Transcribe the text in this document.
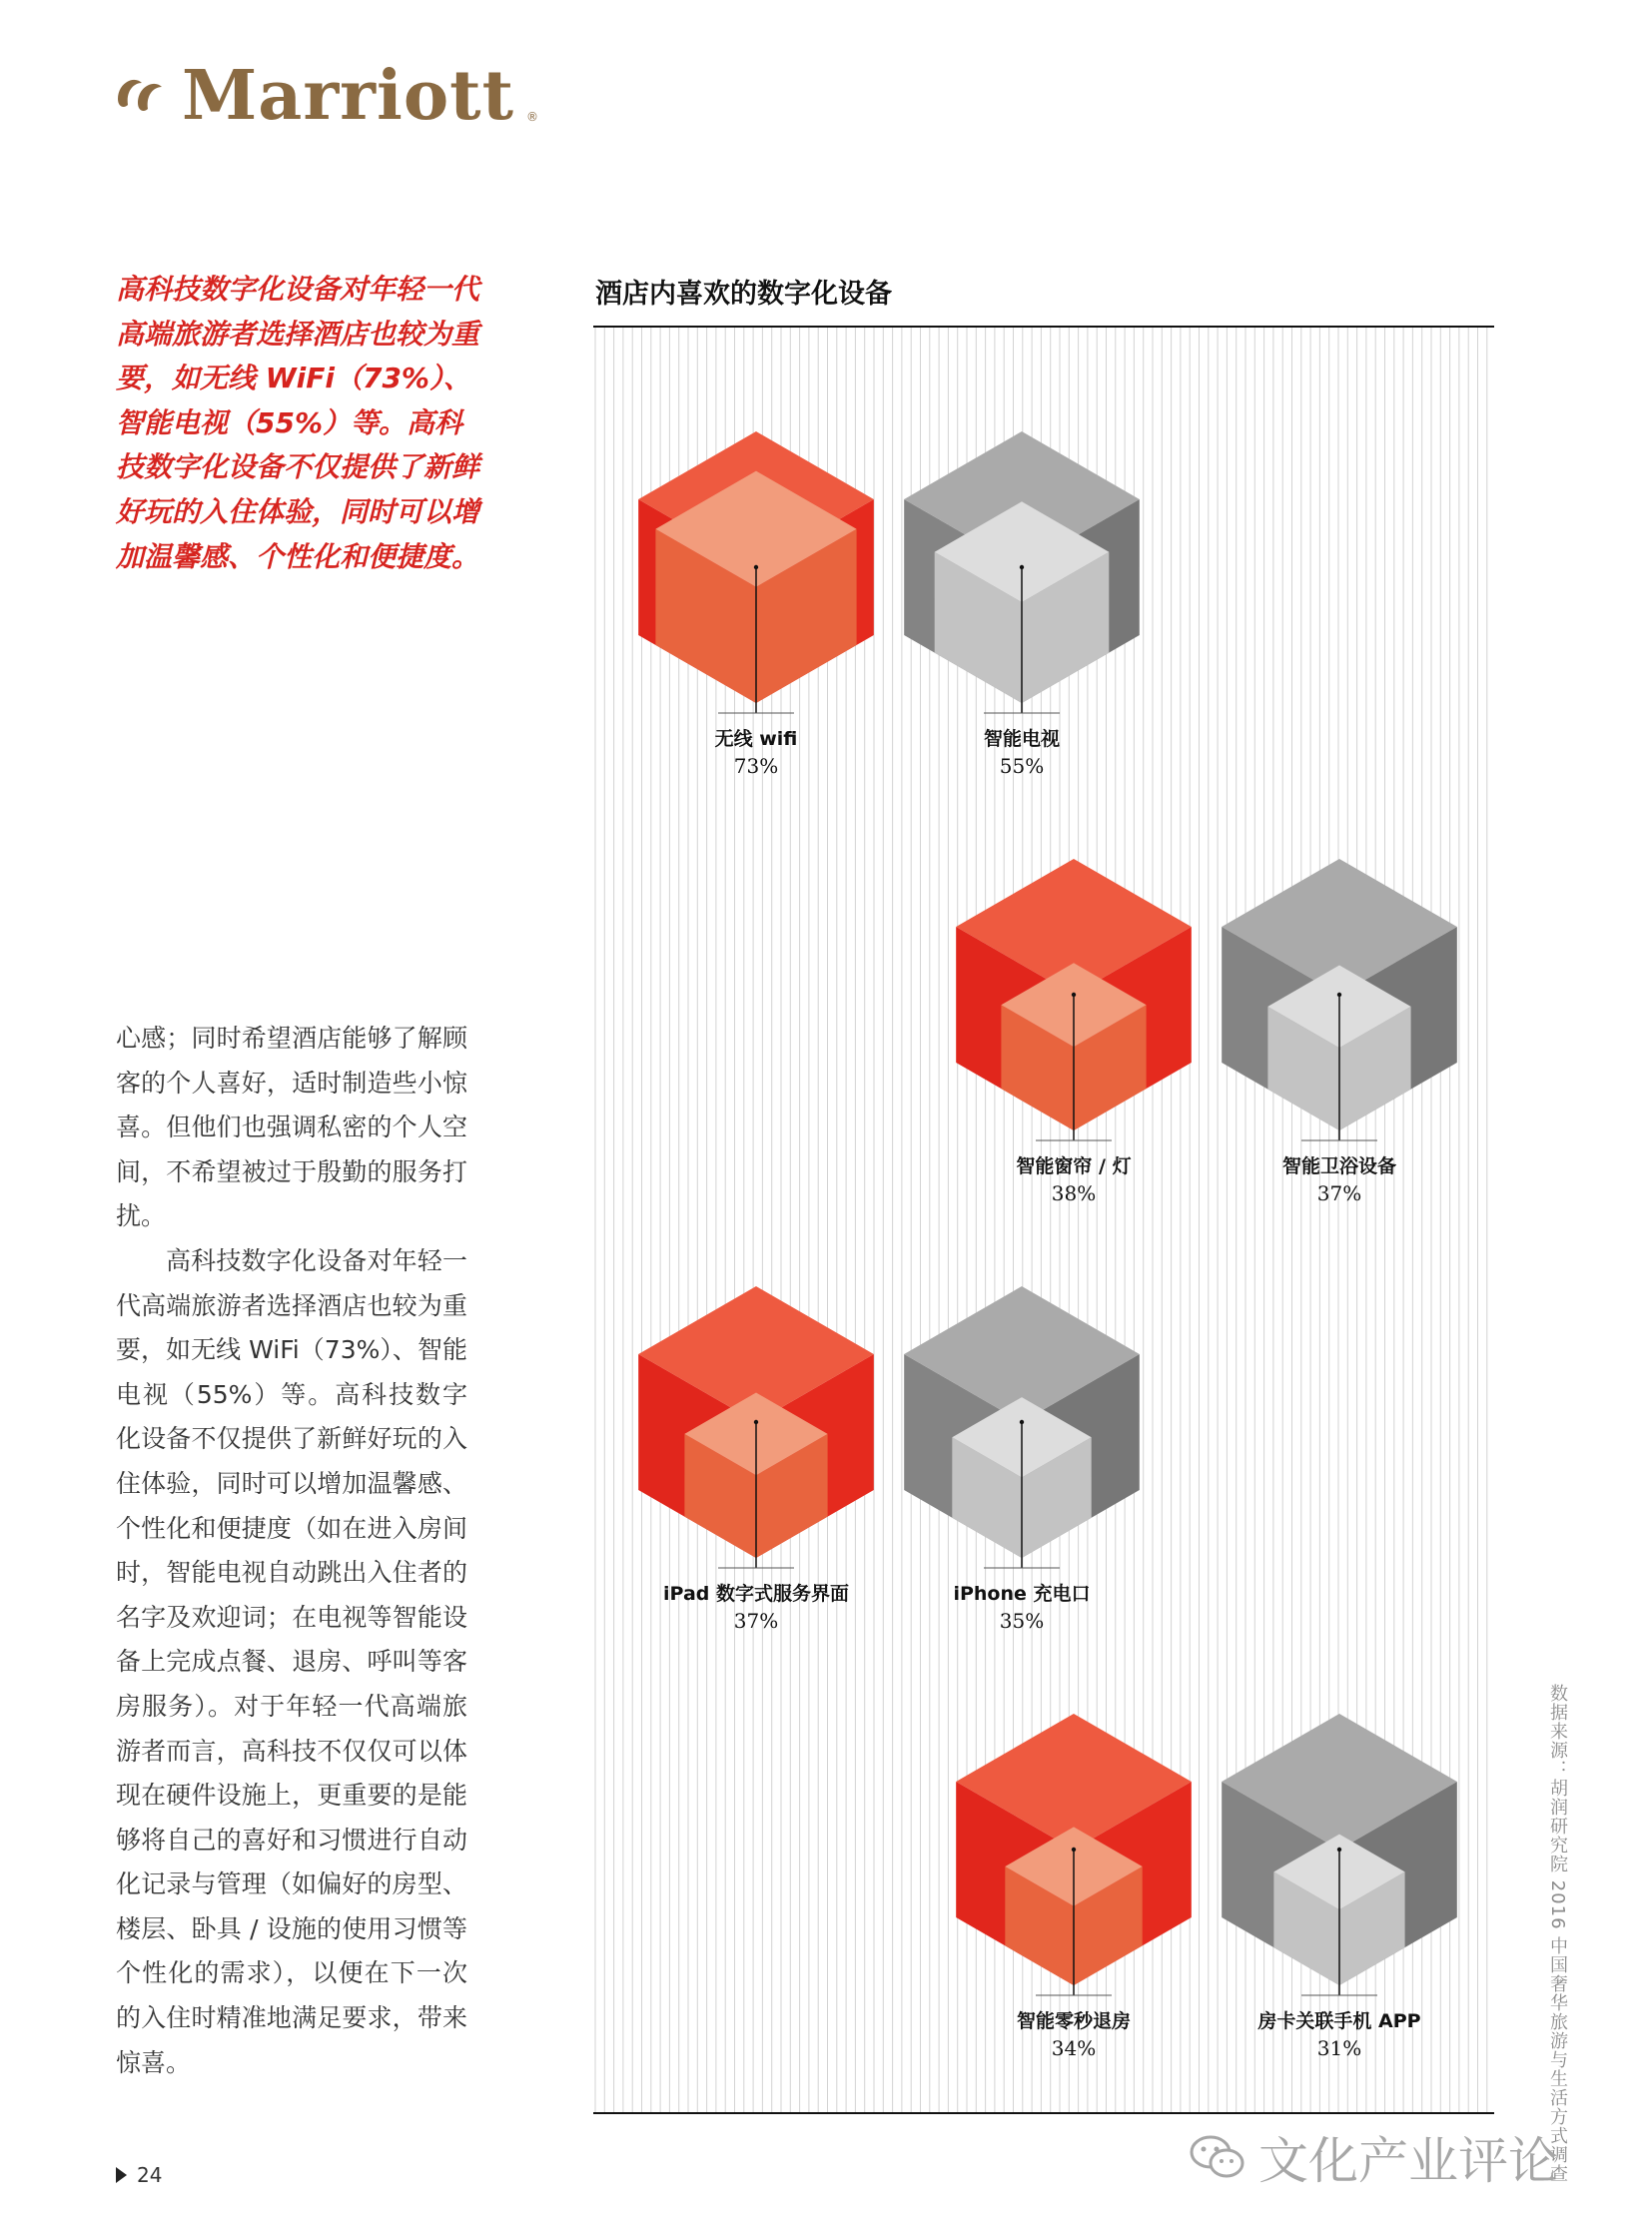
Marriott ®

高科技数字化设备对年轻一代高端旅游者选择酒店也较为重要，如无线 WiFi（73%）、智能电视（55%）等。高科技数字化设备不仅提供了新鲜好玩的入住体验，同时可以增加温馨感、个性化和便捷度。

心感；同时希望酒店能够了解顾客的个人喜好，适时制造些小惊喜。但他们也强调私密的个人空间，不希望被过于殷勤的服务打扰。

高科技数字化设备对年轻一代高端旅游者选择酒店也较为重要，如无线 WiFi（73%）、智能电视（55%）等。高科技数字化设备不仅提供了新鲜好玩的入住体验，同时可以增加温馨感、个性化和便捷度（如在进入房间时，智能电视自动跳出入住者的名字及欢迎词；在电视等智能设备上完成点餐、退房、呼叫等客房服务）。对于年轻一代高端旅游者而言，高科技不仅仅可以体现在硬件设施上，更重要的是能够将自己的喜好和习惯进行自动化记录与管理（如偏好的房型、楼层、卧具 / 设施的使用习惯等个性化的需求），以便在下一次的入住时精准地满足要求，带来惊喜。

24
酒店内喜欢的数字化设备
无线 wifi
73%
智能电视
55%
智能窗帘 / 灯
38%
智能卫浴设备
37%
iPad 数字式服务界面
37%
iPhone 充电口
35%
智能零秒退房
34%
房卡关联手机 APP
31%	数据来源：胡润研究院 2016 中国奢华旅游与生活方式调查
文化产业评论
